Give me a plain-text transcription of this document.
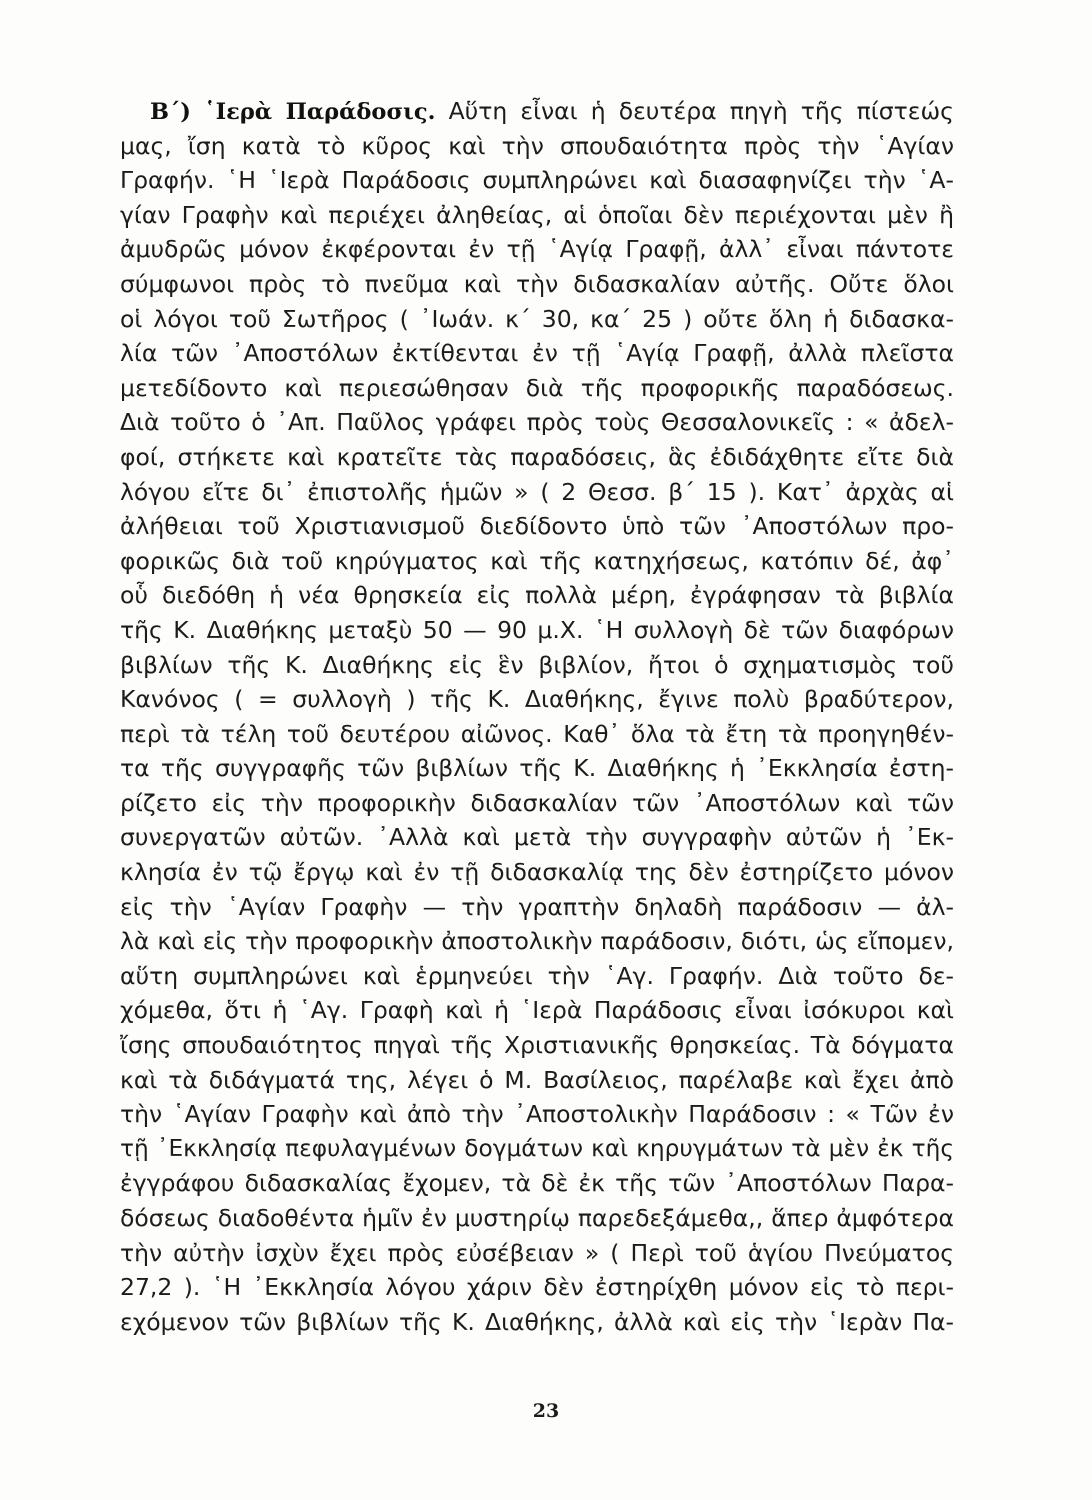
Β΄) ῾Ιερὰ Παράδοσις. Αὕτη εἶναι ἡ δευτέρα πηγὴ τῆς πίστεώς
μας, ἴση κατὰ τὸ κῦρος καὶ τὴν σπουδαιότητα πρὸς τὴν ῾Αγίαν
Γραφήν. ῾Η ῾Ιερὰ Παράδοσις συμπληρώνει καὶ διασαφηνίζει τὴν ῾Α-
γίαν Γραφὴν καὶ περιέχει ἀληθείας, αἱ ὁποῖαι δὲν περιέχονται μὲν ἢ
ἀμυδρῶς μόνον ἐκφέρονται ἐν τῇ ῾Αγίᾳ Γραφῇ, ἀλλ᾿ εἶναι πάντοτε
σύμφωνοι πρὸς τὸ πνεῦμα καὶ τὴν διδασκαλίαν αὐτῆς. Οὔτε ὅλοι
οἱ λόγοι τοῦ Σωτῆρος ( ᾿Ιωάν. κ΄ 30, κα΄ 25 ) οὔτε ὅλη ἡ διδασκα-
λία τῶν ᾿Αποστόλων ἐκτίθενται ἐν τῇ ῾Αγίᾳ Γραφῇ, ἀλλὰ πλεῖστα
μετεδίδοντο καὶ περιεσώθησαν διὰ τῆς προφορικῆς παραδόσεως.
Διὰ τοῦτο ὁ ᾿Απ. Παῦλος γράφει πρὸς τοὺς Θεσσαλονικεῖς : « ἀδελ-
φοί, στήκετε καὶ κρατεῖτε τὰς παραδόσεις, ἃς ἐδιδάχθητε εἴτε διὰ
λόγου εἴτε δι᾿ ἐπιστολῆς ἡμῶν » ( 2 Θεσσ. β΄ 15 ). Κατ᾿ ἀρχὰς αἱ
ἀλήθειαι τοῦ Χριστιανισμοῦ διεδίδοντο ὑπὸ τῶν ᾿Αποστόλων προ-
φορικῶς διὰ τοῦ κηρύγματος καὶ τῆς κατηχήσεως, κατόπιν δέ, ἀφ᾿
οὗ διεδόθη ἡ νέα θρησκεία εἰς πολλὰ μέρη, ἐγράφησαν τὰ βιβλία
τῆς Κ. Διαθήκης μεταξὺ 50 — 90 μ.Χ. ῾Η συλλογὴ δὲ τῶν διαφόρων
βιβλίων τῆς Κ. Διαθήκης εἰς ἓν βιβλίον, ἤτοι ὁ σχηματισμὸς τοῦ
Κανόνος ( = συλλογὴ ) τῆς Κ. Διαθήκης, ἔγινε πολὺ βραδύτερον,
περὶ τὰ τέλη τοῦ δευτέρου αἰῶνος. Καθ᾿ ὅλα τὰ ἔτη τὰ προηγηθέν-
τα τῆς συγγραφῆς τῶν βιβλίων τῆς Κ. Διαθήκης ἡ ᾿Εκκλησία ἐστη-
ρίζετο εἰς τὴν προφορικὴν διδασκαλίαν τῶν ᾿Αποστόλων καὶ τῶν
συνεργατῶν αὐτῶν. ᾿Αλλὰ καὶ μετὰ τὴν συγγραφὴν αὐτῶν ἡ ᾿Εκ-
κλησία ἐν τῷ ἔργῳ καὶ ἐν τῇ διδασκαλίᾳ της δὲν ἐστηρίζετο μόνον
εἰς τὴν ῾Αγίαν Γραφὴν — τὴν γραπτὴν δηλαδὴ παράδοσιν — ἀλ-
λὰ καὶ εἰς τὴν προφορικὴν ἀποστολικὴν παράδοσιν, διότι, ὡς εἴπομεν,
αὕτη συμπληρώνει καὶ ἑρμηνεύει τὴν ῾Αγ. Γραφήν. Διὰ τοῦτο δε-
χόμεθα, ὅτι ἡ ῾Αγ. Γραφὴ καὶ ἡ ῾Ιερὰ Παράδοσις εἶναι ἰσόκυροι καὶ
ἴσης σπουδαιότητος πηγαὶ τῆς Χριστιανικῆς θρησκείας. Τὰ δόγματα
καὶ τὰ διδάγματά της, λέγει ὁ Μ. Βασίλειος, παρέλαβε καὶ ἔχει ἀπὸ
τὴν ῾Αγίαν Γραφὴν καὶ ἀπὸ τὴν ᾿Αποστολικὴν Παράδοσιν : « Τῶν ἐν
τῇ ᾿Εκκλησίᾳ πεφυλαγμένων δογμάτων καὶ κηρυγμάτων τὰ μὲν ἐκ τῆς
ἐγγράφου διδασκαλίας ἔχομεν, τὰ δὲ ἐκ τῆς τῶν ᾿Αποστόλων Παρα-
δόσεως διαδοθέντα ἡμῖν ἐν μυστηρίῳ παρεδεξάμεθα,, ἅπερ ἀμφότερα
τὴν αὐτὴν ἰσχὺν ἔχει πρὸς εὐσέβειαν » ( Περὶ τοῦ ἁγίου Πνεύματος
27,2 ). ῾Η ᾿Εκκλησία λόγου χάριν δὲν ἐστηρίχθη μόνον εἰς τὸ περι-
εχόμενον τῶν βιβλίων τῆς Κ. Διαθήκης, ἀλλὰ καὶ εἰς τὴν ῾Ιερὰν Πα-
23
